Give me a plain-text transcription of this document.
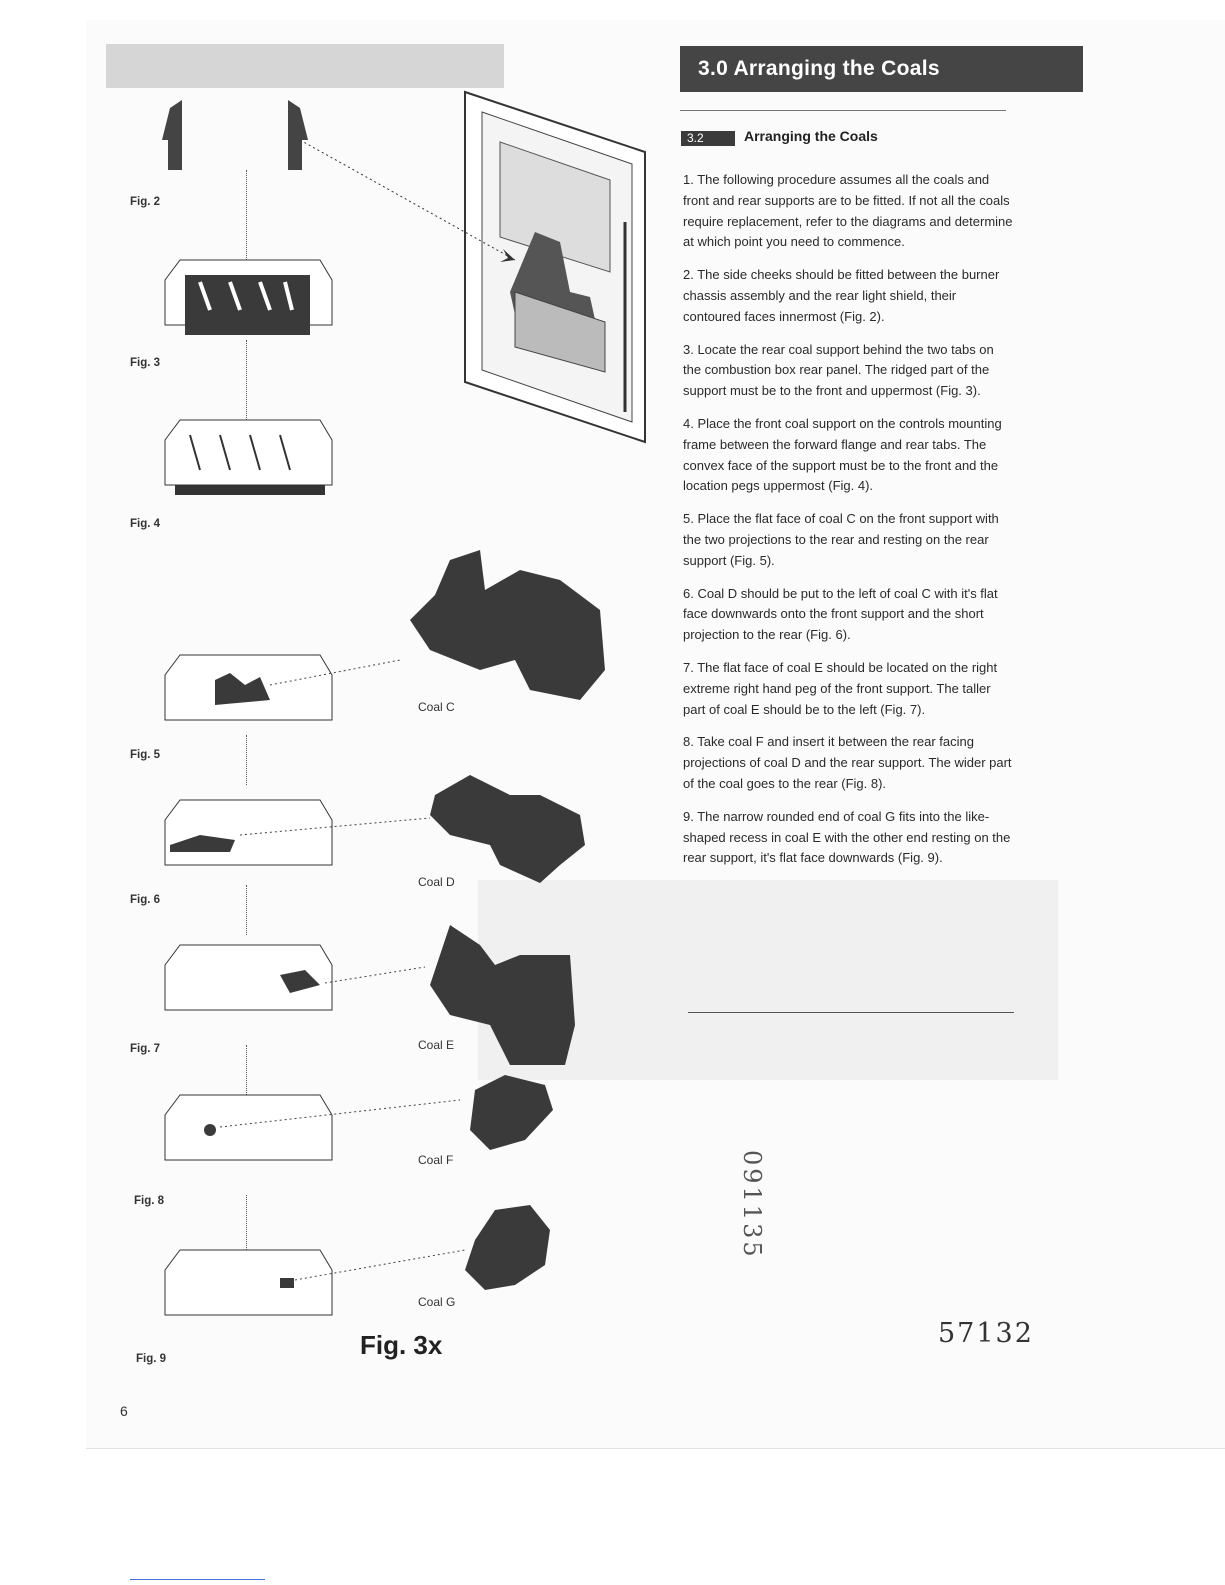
3.0 Arranging the Coals
3.2	Arranging the Coals

1. The following procedure assumes all the coals and front and rear supports are to be fitted. If not all the coals require replacement, refer to the diagrams and determine at which point you need to commence.

2. The side cheeks should be fitted between the burner chassis assembly and the rear light shield, their contoured faces innermost (Fig. 2).

3. Locate the rear coal support behind the two tabs on the combustion box rear panel. The ridged part of the support must be to the front and uppermost (Fig. 3).

4. Place the front coal support on the controls mounting frame between the forward flange and rear tabs. The convex face of the support must be to the front and the location pegs uppermost (Fig. 4).

5. Place the flat face of coal C on the front support with the two projections to the rear and resting on the rear support (Fig. 5).

6. Coal D should be put to the left of coal C with it's flat face downwards onto the front support and the short projection to the rear (Fig. 6).

7. The flat face of coal E should be located on the right extreme right hand peg of the front support. The taller part of coal E should be to the left (Fig. 7).

8. Take coal F and insert it between the rear facing projections of coal D and the rear support. The wider part of the coal goes to the rear (Fig. 8).

9. The narrow rounded end of coal G fits into the like-shaped recess in coal E with the other end resting on the rear support, it's flat face downwards (Fig. 9).

Fig. 2
Fig. 3
Fig. 4
Fig. 5
Fig. 6
Fig. 7
Fig. 8
Fig. 9
Coal C
Coal D
Coal E
Coal F
Coal G
Fig. 3x
6
57132
091135
